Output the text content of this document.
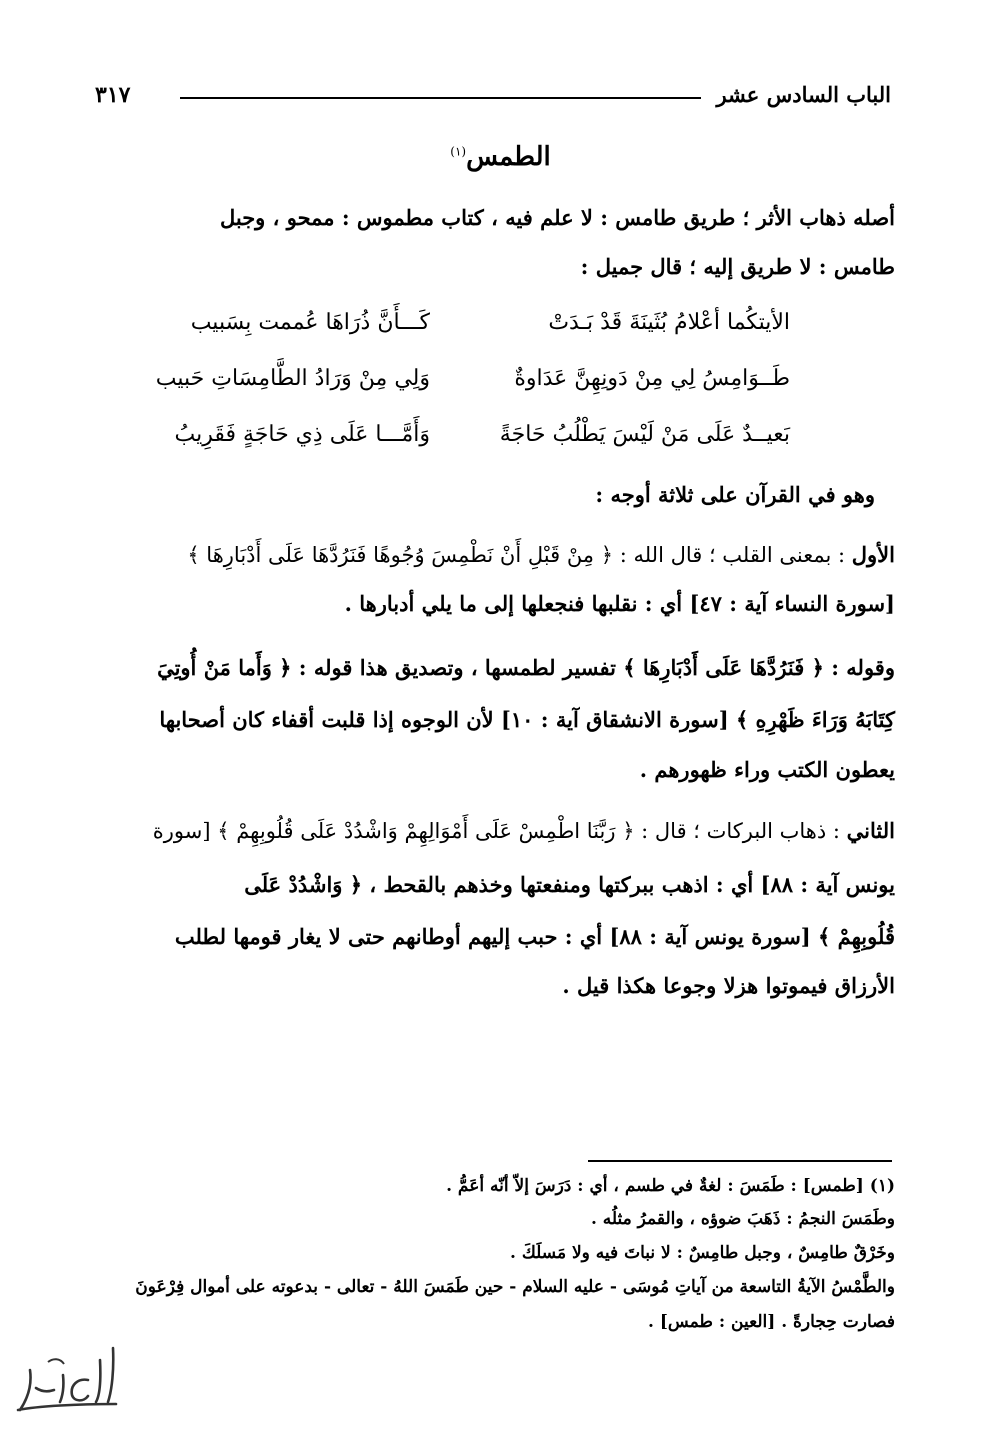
الباب السادس عشر
٣١٧
الطمس$^{(١)}$
أصله ذهاب الأثر ؛ طريق طامس : لا علم فيه ، كتاب مطموس : ممحو ، وجبل
طامس : لا طريق إليه ؛ قال جميل :
الأيتكُما أعْلامُ بُثَينَةَ قَدْ بَـدَتْ
كَـــأَنَّ ذُرَاهَا عُممت بِسَبيب
طَــوَامِسُ لِي مِنْ دَونِهِنَّ عَدَاوةٌ
وَلِي مِنْ وَرَادُ الطَّامِسَاتِ حَبيب
بَعيــدٌ عَلَى مَنْ لَيْسَ يَطْلُبُ حَاجَةً
وَأَمَّـــا عَلَى ذِي حَاجَةٍ فَقَرِيبُ
وهو في القرآن على ثلاثة أوجه :
الأول : بمعنى القلب ؛ قال الله : ﴿ مِنْ قَبْلِ أَنْ نَطْمِسَ وُجُوهًا فَنَرُدَّهَا عَلَى أَدْبَارِهَا ﴾
[سورة النساء آية : ٤٧] أي : نقلبها فنجعلها إلى ما يلي أدبارها .
وقوله : ﴿ فَنَرُدَّهَا عَلَى أَدْبَارِهَا ﴾ تفسير لطمسها ، وتصديق هذا قوله : ﴿ وَأَما مَنْ أُوتِيَ
كِتَابَهُ وَرَاءَ ظَهْرِهِ ﴾ [سورة الانشقاق آية : ١٠] لأن الوجوه إذا قلبت أقفاء كان أصحابها
يعطون الكتب وراء ظهورهم .
الثاني : ذهاب البركات ؛ قال : ﴿ رَبَّنَا اطْمِسْ عَلَى أَمْوَالِهِمْ وَاشْدُدْ عَلَى قُلُوبِهِمْ ﴾ [سورة
يونس آية : ٨٨] أي : اذهب ببركتها ومنفعتها وخذهم بالقحط ، ﴿ وَاشْدُدْ عَلَى
قُلُوبِهِمْ ﴾ [سورة يونس آية : ٨٨] أي : حبب إليهم أوطانهم حتى لا يغار قومها لطلب
الأرزاق فيموتوا هزلا وجوعا هكذا قيل .
(١) [طمس] : طَمَسَ : لغةٌ في طسم ، أي : دَرَسَ إلاّ أنّه أعَمُّ .
وطَمَسَ النجمُ : ذَهَبَ ضوؤه ، والقمرُ مثلُه .
وخَرْقٌ طامِسٌ ، وجبل طامِسٌ : لا نباتَ فيه ولا مَسلَكَ .
والطَّمْسُ الآيةُ التاسعة من آياتِ مُوسَى - عليه السلام - حين طَمَسَ اللهُ - تعالى - بدعوته على أموال فِرْعَونَ
فصارت حِجارةً . [العين : طمس] .
